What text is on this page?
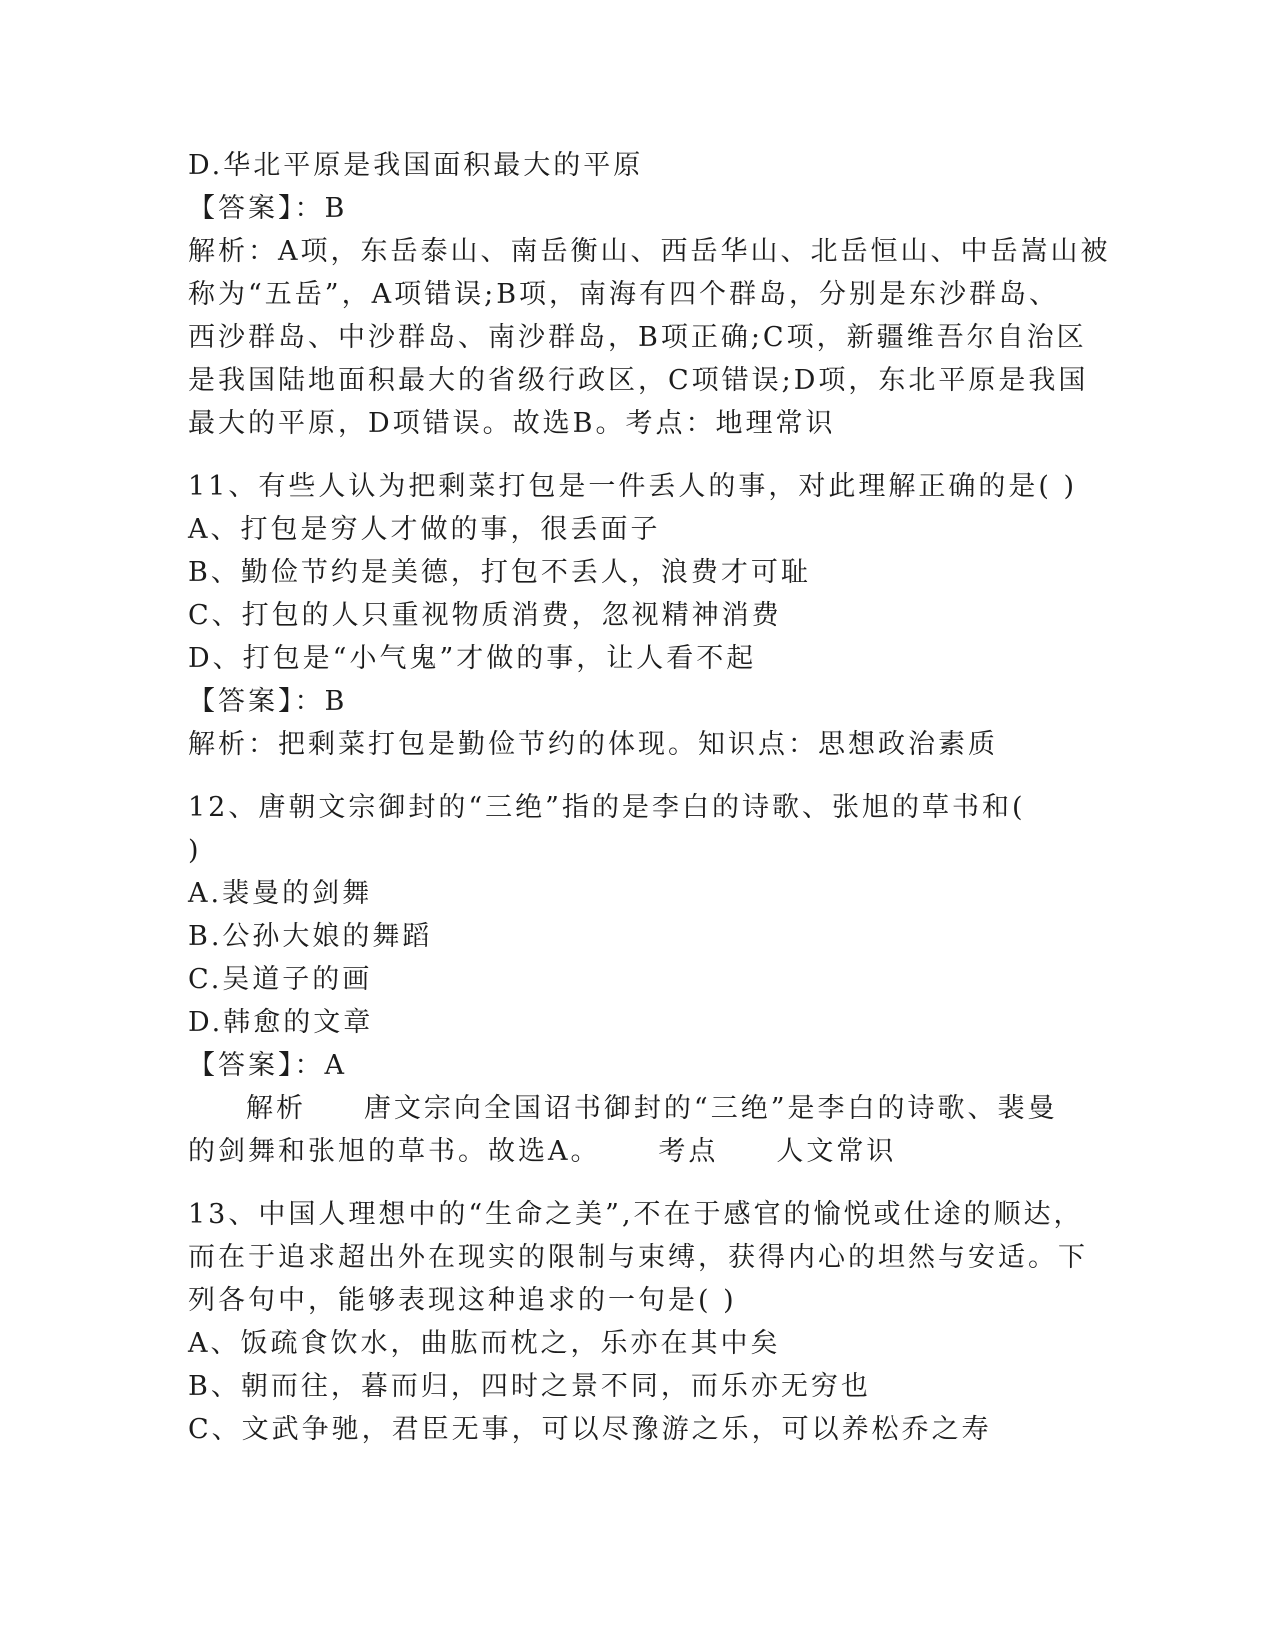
D.华北平原是我国面积最大的平原
【答案】：B
解析：A项，东岳泰山、南岳衡山、西岳华山、北岳恒山、中岳嵩山被
称为“五岳”，A项错误;B项，南海有四个群岛，分别是东沙群岛、
西沙群岛、中沙群岛、南沙群岛，B项正确;C项，新疆维吾尔自治区
是我国陆地面积最大的省级行政区，C项错误;D项，东北平原是我国
最大的平原，D项错误。故选B。考点：地理常识
11、有些人认为把剩菜打包是一件丢人的事，对此理解正确的是( )
A、打包是穷人才做的事，很丢面子
B、勤俭节约是美德，打包不丢人，浪费才可耻
C、打包的人只重视物质消费，忽视精神消费
D、打包是“小气鬼”才做的事，让人看不起
【答案】：B
解析：把剩菜打包是勤俭节约的体现。知识点：思想政治素质
12、唐朝文宗御封的“三绝”指的是李白的诗歌、张旭的草书和(
)
A.裴曼的剑舞
B.公孙大娘的舞蹈
C.吴道子的画
D.韩愈的文章
【答案】：A
解析     唐文宗向全国诏书御封的“三绝”是李白的诗歌、裴曼
的剑舞和张旭的草书。故选A。     考点     人文常识
13、中国人理想中的“生命之美”,不在于感官的愉悦或仕途的顺达，
而在于追求超出外在现实的限制与束缚，获得内心的坦然与安适。下
列各句中，能够表现这种追求的一句是( )
A、饭疏食饮水，曲肱而枕之，乐亦在其中矣
B、朝而往，暮而归，四时之景不同，而乐亦无穷也
C、文武争驰，君臣无事，可以尽豫游之乐，可以养松乔之寿
